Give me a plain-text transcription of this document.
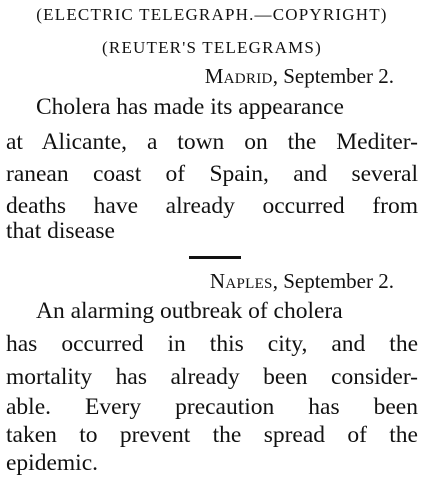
(ELECTRIC TELEGRAPH.—COPYRIGHT)
(REUTER'S TELEGRAMS)
Madrid, September 2.
Cholera has made its appearance
at Alicante, a town on the Mediter-
ranean coast of Spain, and several
deaths have already occurred from
that disease
Naples, September 2.
An alarming outbreak of cholera
has occurred in this city, and the
mortality has already been consider-
able. Every precaution has been
taken to prevent the spread of the
epidemic.
